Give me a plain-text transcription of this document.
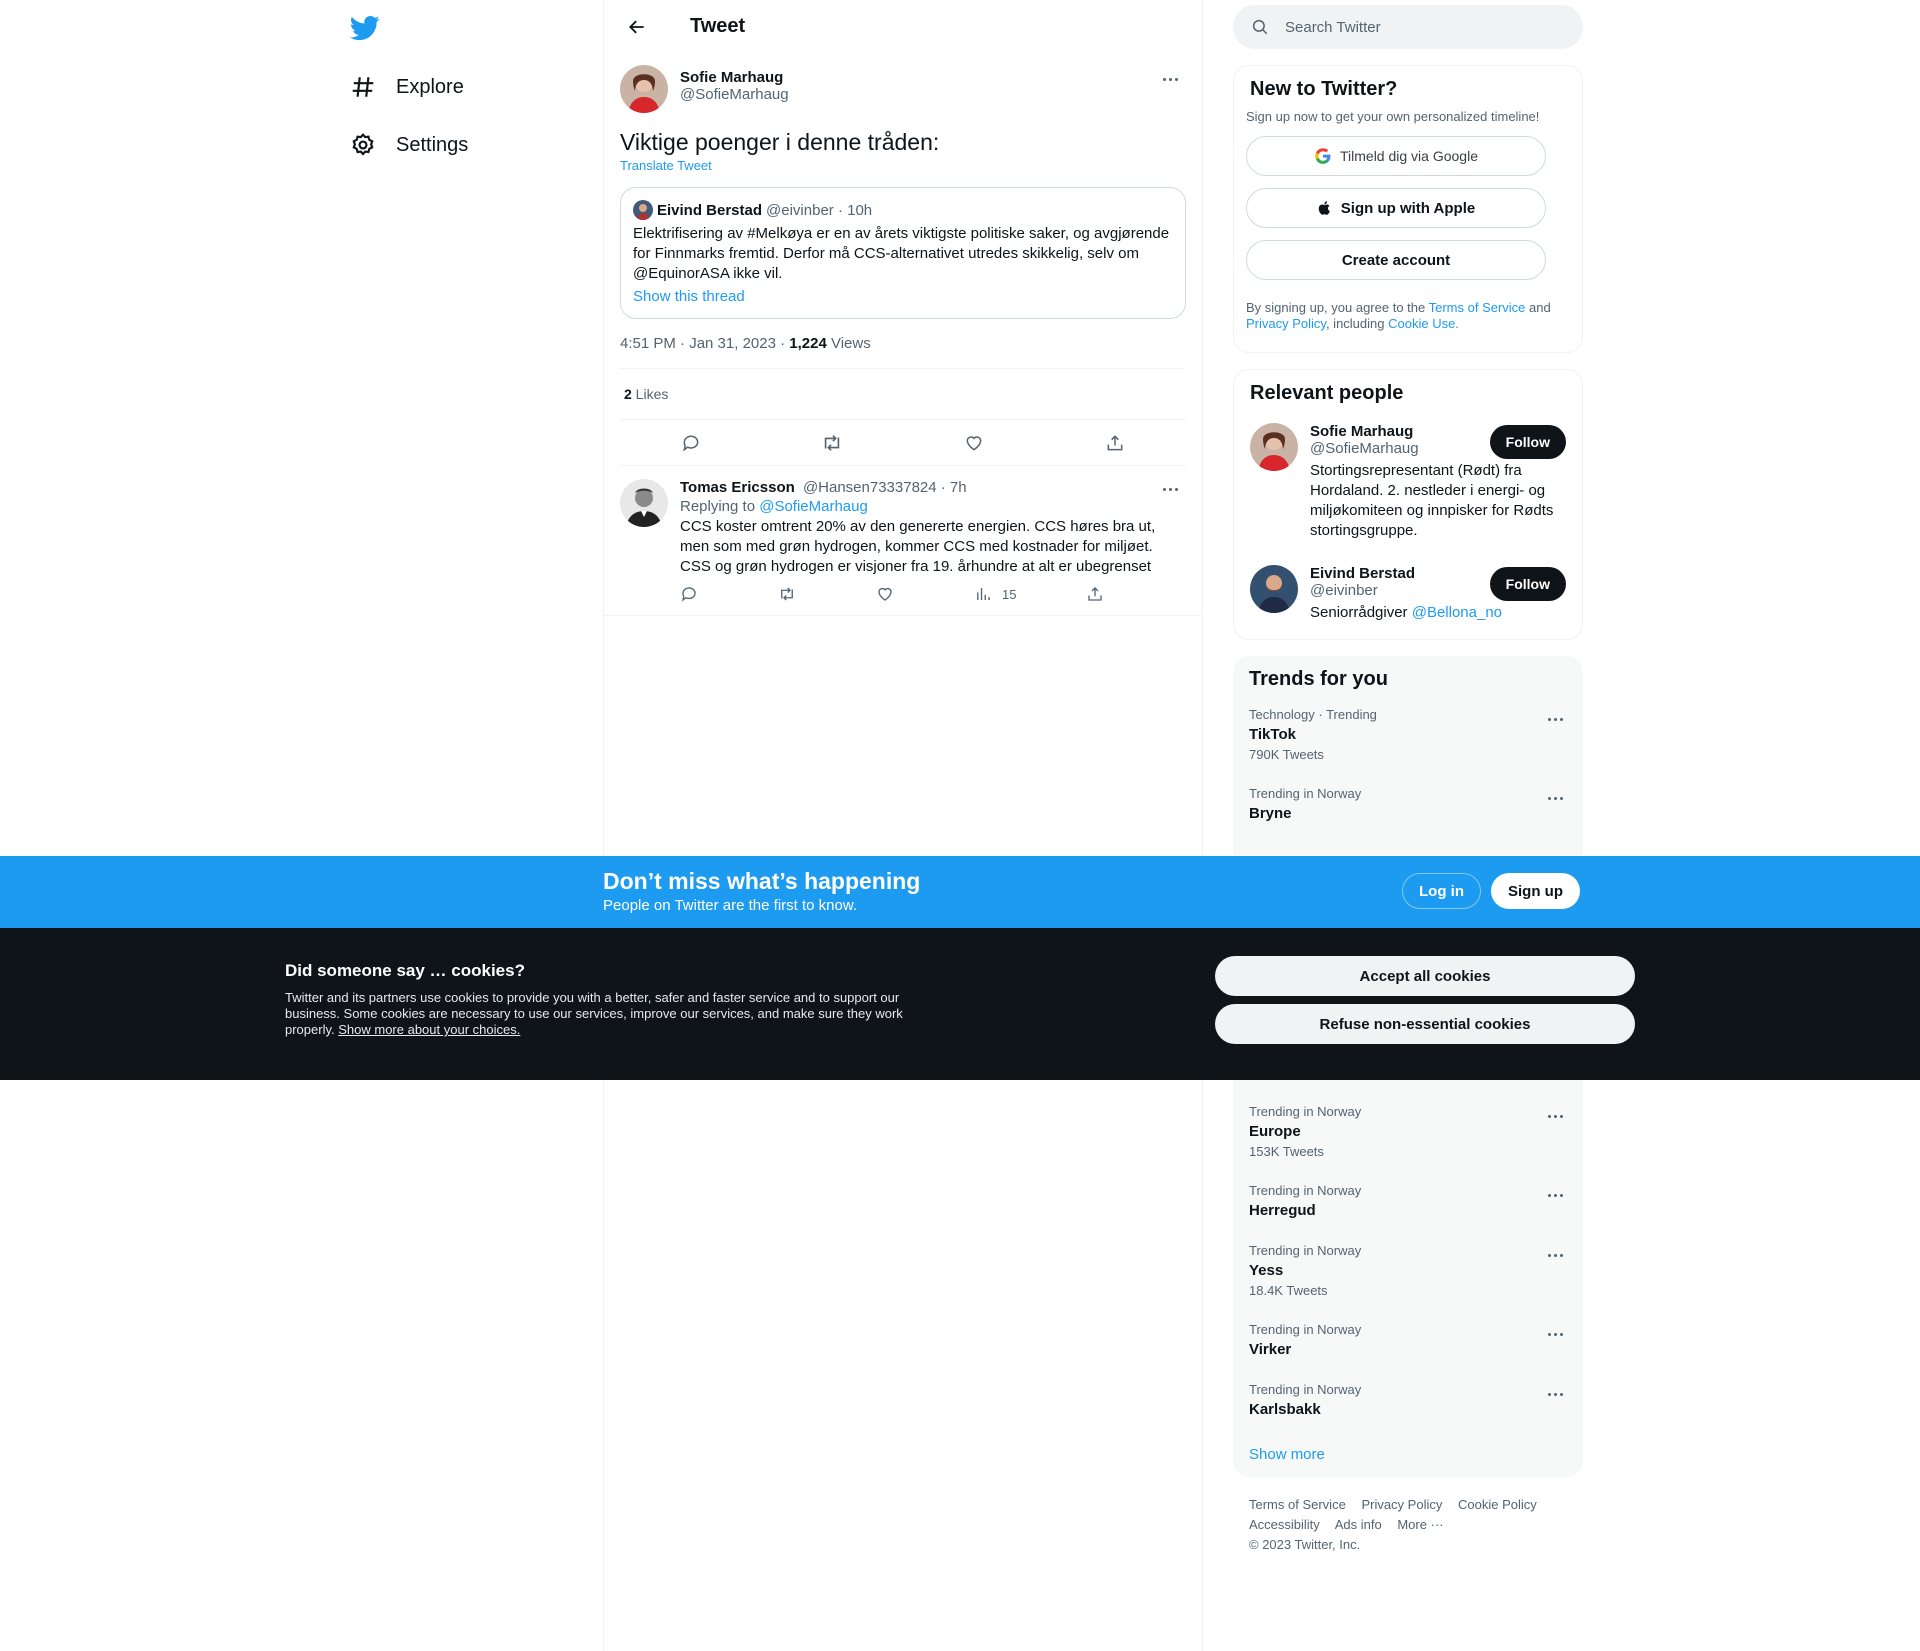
Explore
Settings
Tweet
Sofie Marhaug
@SofieMarhaug
Viktige poenger i denne tråden:
Translate Tweet
Eivind Berstad @eivinber · 10h
Elektrifisering av #Melkøya er en av årets viktigste politiske saker, og avgjørende for Finnmarks fremtid. Derfor må CCS-alternativet utredes skikkelig, selv om @EquinorASA ikke vil.
Show this thread
4:51 PM · Jan 31, 2023 · 1,224 Views
2 Likes
Tomas Ericsson @Hansen73337824 · 7h
Replying to @SofieMarhaug
CCS koster omtrent 20% av den genererte energien. CCS høres bra ut, men som med grøn hydrogen, kommer CCS med kostnader for miljøet. CSS og grøn hydrogen er visjoner fra 19. århundre at alt er ubegrenset
15
Search Twitter
New to Twitter?
Sign up now to get your own personalized timeline!
Tilmeld dig via Google
Sign up with Apple
Create account
By signing up, you agree to the Terms of Service and Privacy Policy, including Cookie Use.
Relevant people
Sofie Marhaug
@SofieMarhaug
Stortingsrepresentant (Rødt) fra Hordaland. 2. nestleder i energi- og miljøkomiteen og innpisker for Rødts stortingsgruppe.
Follow
Eivind Berstad
@eivinber
Seniorrådgiver @Bellona_no
Follow
Trends for you
Technology · Trending
TikTok
790K Tweets
Trending in Norway
Bryne
Trending in Norway
Europe
153K Tweets
Trending in Norway
Herregud
Trending in Norway
Yess
18.4K Tweets
Trending in Norway
Virker
Trending in Norway
Karlsbakk
Show more
Terms of Service Privacy Policy Cookie Policy
Accessibility Ads info More ···
© 2023 Twitter, Inc.
Don’t miss what’s happening
People on Twitter are the first to know.
Log in	Sign up
Did someone say … cookies?
Twitter and its partners use cookies to provide you with a better, safer and faster service and to support our business. Some cookies are necessary to use our services, improve our services, and make sure they work properly. Show more about your choices.
Accept all cookies
Refuse non-essential cookies
